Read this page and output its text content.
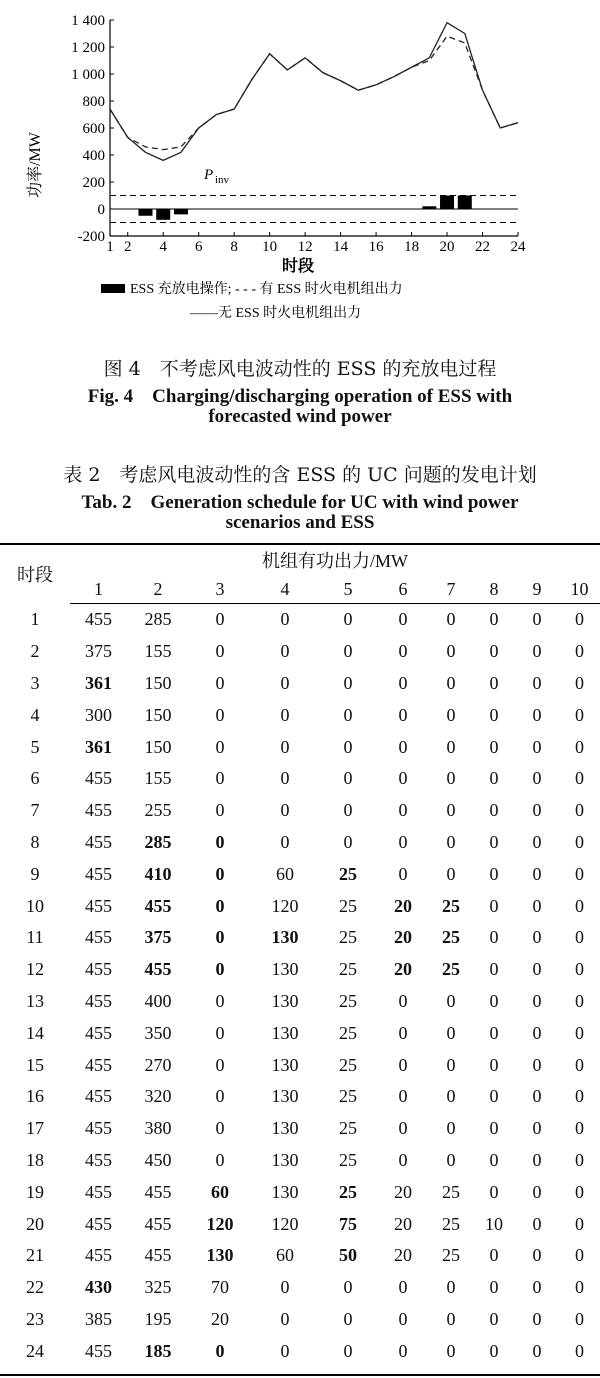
1 400
1 200
1 000
800
600
400
200
0
-200
1 2 4 6 8 10 12 14 16 18 20 22 24
功率/MW
时段
P inv
ESS 充放电操作; - - - 有 ESS 时火电机组出力
——无 ESS 时火电机组出力
图 4　不考虑风电波动性的 ESS 的充放电过程
Fig. 4　Charging/discharging operation of ESS with
forecasted wind power
表 2　考虑风电波动性的含 ESS 的 UC 问题的发电计划
Tab. 2　Generation schedule for UC with wind power
scenarios and ESS
时段	机组有功出力/MW									
	1	2	3	4	5	6	7	8	9	10
1	455	285	0	0	0	0	0	0	0	0
2	375	155	0	0	0	0	0	0	0	0
3	361	150	0	0	0	0	0	0	0	0
4	300	150	0	0	0	0	0	0	0	0
5	361	150	0	0	0	0	0	0	0	0
6	455	155	0	0	0	0	0	0	0	0
7	455	255	0	0	0	0	0	0	0	0
8	455	285	0	0	0	0	0	0	0	0
9	455	410	0	60	25	0	0	0	0	0
10	455	455	0	120	25	20	25	0	0	0
11	455	375	0	130	25	20	25	0	0	0
12	455	455	0	130	25	20	25	0	0	0
13	455	400	0	130	25	0	0	0	0	0
14	455	350	0	130	25	0	0	0	0	0
15	455	270	0	130	25	0	0	0	0	0
16	455	320	0	130	25	0	0	0	0	0
17	455	380	0	130	25	0	0	0	0	0
18	455	450	0	130	25	0	0	0	0	0
19	455	455	60	130	25	20	25	0	0	0
20	455	455	120	120	75	20	25	10	0	0
21	455	455	130	60	50	20	25	0	0	0
22	430	325	70	0	0	0	0	0	0	0
23	385	195	20	0	0	0	0	0	0	0
24	455	185	0	0	0	0	0	0	0	0
